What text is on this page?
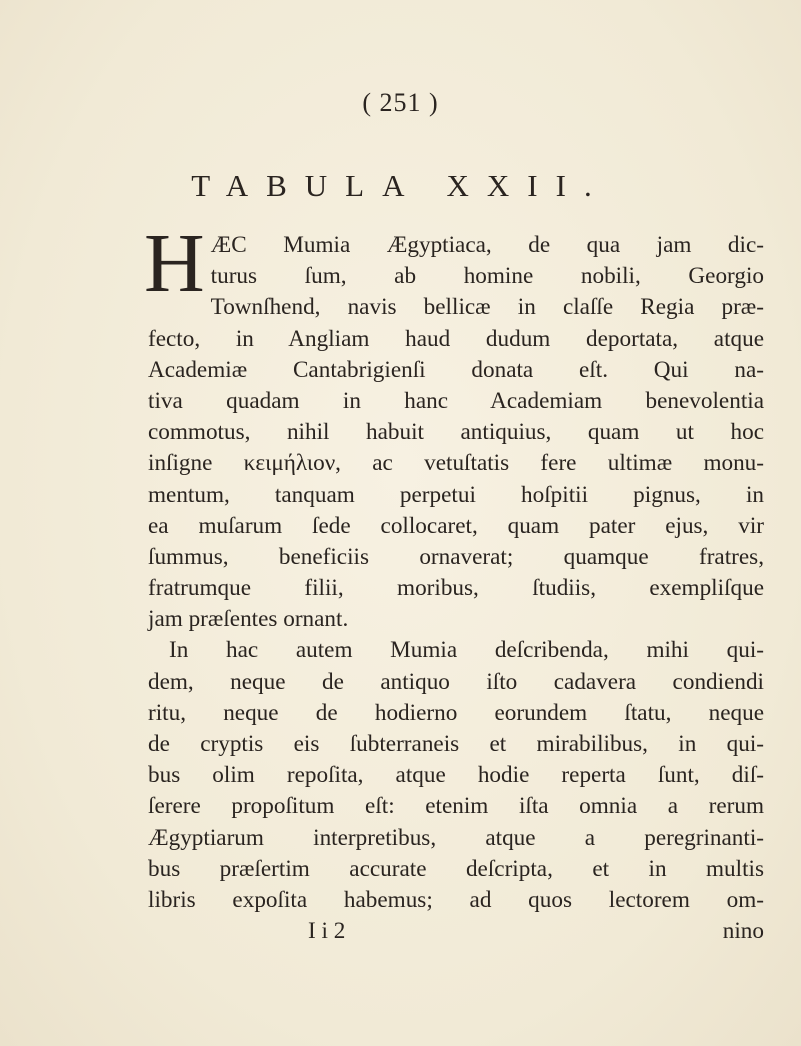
( 251 )
TABULA XXII.
H ÆC Mumia Ægyptiaca, de qua jam dic-
turus ſum, ab homine nobili, Georgio
Townſhend, navis bellicæ in claſſe Regia præ-
fecto, in Angliam haud dudum deportata, atque
Academiæ Cantabrigienſi donata eſt. Qui na-
tiva quadam in hanc Academiam benevolentia
commotus, nihil habuit antiquius, quam ut hoc
inſigne κειμήλιον, ac vetuſtatis fere ultimæ monu-
mentum, tanquam perpetui hoſpitii pignus, in
ea muſarum ſede collocaret, quam pater ejus, vir
ſummus, beneficiis ornaverat; quamque fratres,
fratrumque filii, moribus, ſtudiis, exempliſque
jam præſentes ornant.
In hac autem Mumia deſcribenda, mihi qui-
dem, neque de antiquo iſto cadavera condiendi
ritu, neque de hodierno eorundem ſtatu, neque
de cryptis eis ſubterraneis et mirabilibus, in qui-
bus olim repoſita, atque hodie reperta ſunt, diſ-
ſerere propoſitum eſt: etenim iſta omnia a rerum
Ægyptiarum interpretibus, atque a peregrinanti-
bus præſertim accurate deſcripta, et in multis
libris expoſita habemus; ad quos lectorem om-
I i 2	nino
